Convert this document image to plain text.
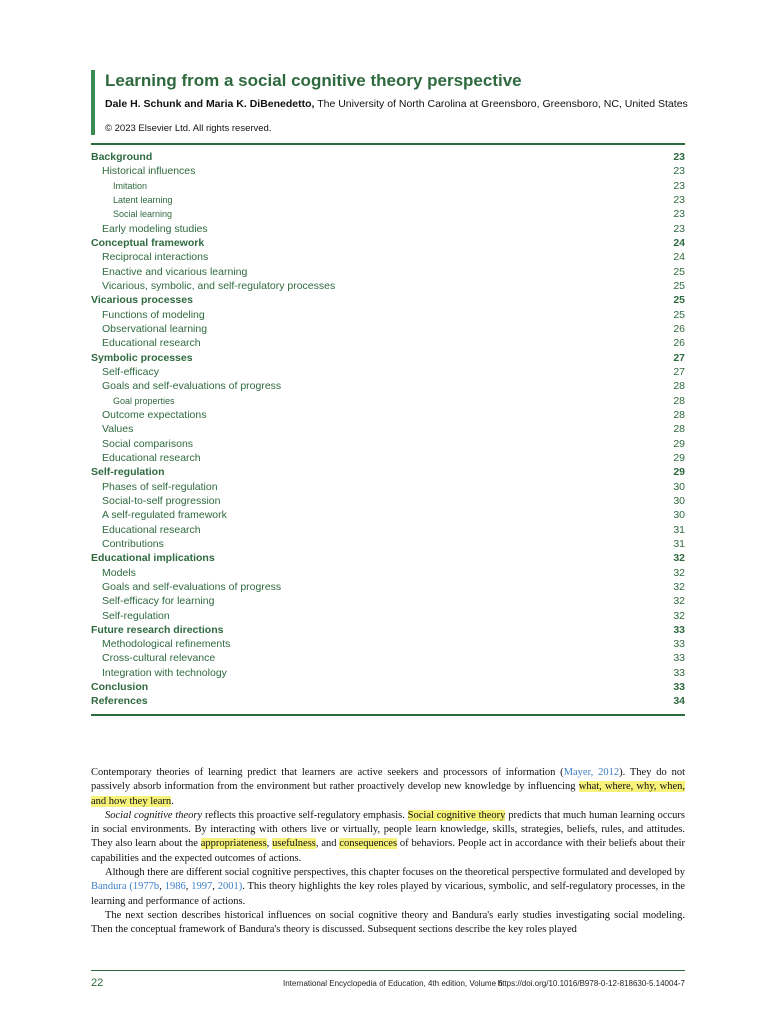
Learning from a social cognitive theory perspective
Dale H. Schunk and Maria K. DiBenedetto, The University of North Carolina at Greensboro, Greensboro, NC, United States
© 2023 Elsevier Ltd. All rights reserved.
Background	23
Historical influences	23
Imitation	23
Latent learning	23
Social learning	23
Early modeling studies	23
Conceptual framework	24
Reciprocal interactions	24
Enactive and vicarious learning	25
Vicarious, symbolic, and self-regulatory processes	25
Vicarious processes	25
Functions of modeling	25
Observational learning	26
Educational research	26
Symbolic processes	27
Self-efficacy	27
Goals and self-evaluations of progress	28
Goal properties	28
Outcome expectations	28
Values	28
Social comparisons	29
Educational research	29
Self-regulation	29
Phases of self-regulation	30
Social-to-self progression	30
A self-regulated framework	30
Educational research	31
Contributions	31
Educational implications	32
Models	32
Goals and self-evaluations of progress	32
Self-efficacy for learning	32
Self-regulation	32
Future research directions	33
Methodological refinements	33
Cross-cultural relevance	33
Integration with technology	33
Conclusion	33
References	34

Contemporary theories of learning predict that learners are active seekers and processors of information (Mayer, 2012). They do not passively absorb information from the environment but rather proactively develop new knowledge by influencing what, where, why, when, and how they learn.

Social cognitive theory reflects this proactive self-regulatory emphasis. Social cognitive theory predicts that much human learning occurs in social environments. By interacting with others live or virtually, people learn knowledge, skills, strategies, beliefs, rules, and attitudes. They also learn about the appropriateness, usefulness, and consequences of behaviors. People act in accordance with their beliefs about their capabilities and the expected outcomes of actions.

Although there are different social cognitive perspectives, this chapter focuses on the theoretical perspective formulated and developed by Bandura (1977b, 1986, 1997, 2001). This theory highlights the key roles played by vicarious, symbolic, and self-regulatory processes, in the learning and performance of actions.

The next section describes historical influences on social cognitive theory and Bandura's early studies investigating social modeling. Then the conceptual framework of Bandura's theory is discussed. Subsequent sections describe the key roles played

22	International Encyclopedia of Education, 4th edition, Volume 6
https://doi.org/10.1016/B978-0-12-818630-5.14004-7
